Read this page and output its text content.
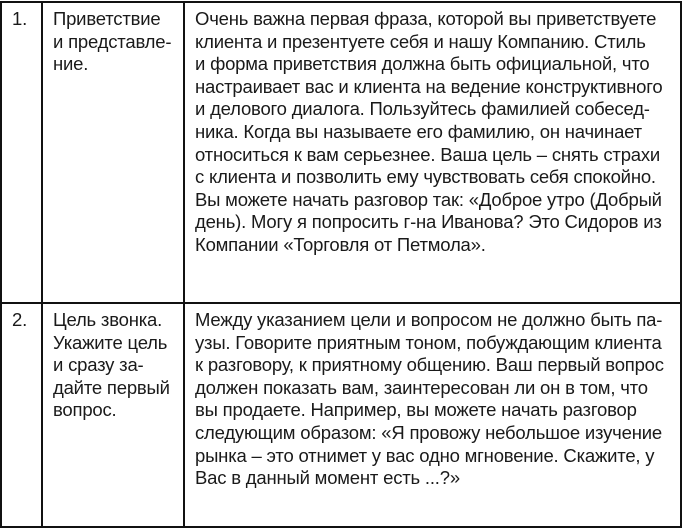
1.	Приветствие
и представле-
ние.
Очень важна первая фраза, которой вы приветствуете
клиента и презентуете себя и нашу Компанию. Стиль
и форма приветствия должна быть официальной, что
настраивает вас и клиента на ведение конструктивного
и делового диалога. Пользуйтесь фамилией собесед-
ника. Когда вы называете его фамилию, он начинает
относиться к вам серьезнее. Ваша цель – снять страхи
с клиента и позволить ему чувствовать себя спокойно.
Вы можете начать разговор так: «Доброе утро (Добрый
день). Могу я попросить г-на Иванова? Это Сидоров из
Компании «Торговля от Петмола».
2.	Цель звонка.
Укажите цель
и сразу за-
дайте первый
вопрос.
Между указанием цели и вопросом не должно быть па-
узы. Говорите приятным тоном, побуждающим клиента
к разговору, к приятному общению. Ваш первый вопрос
должен показать вам, заинтересован ли он в том, что
вы продаете. Например, вы можете начать разговор
следующим образом: «Я провожу небольшое изучение
рынка – это отнимет у вас одно мгновение. Скажите, у
Вас в данный момент есть ...?»
